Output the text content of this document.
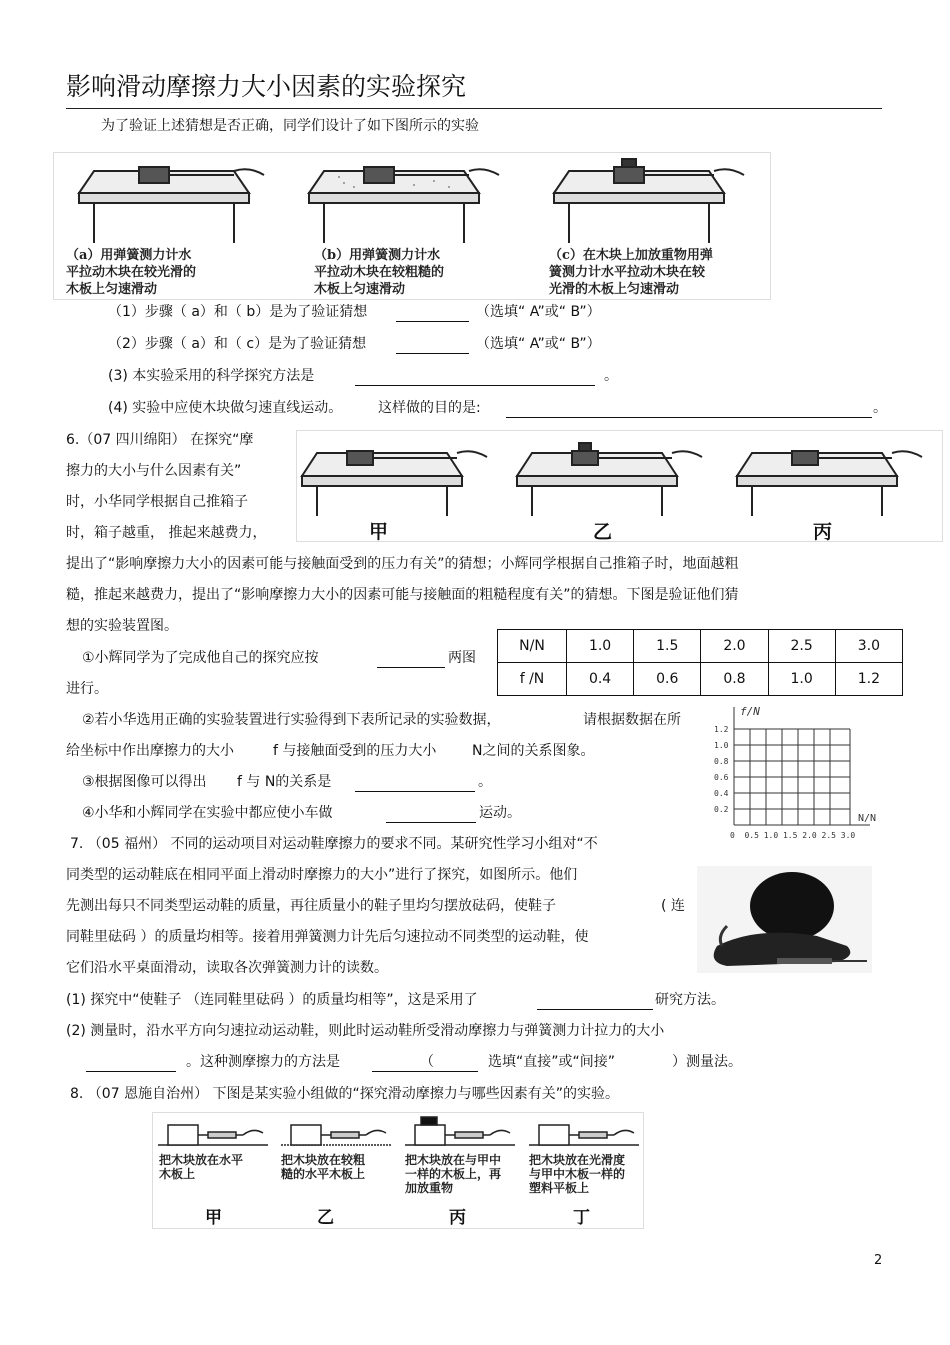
影响滑动摩擦力大小因素的实验探究
为了验证上述猜想是否正确，同学们设计了如下图所示的实验
（a）用弹簧测力计水
平拉动木块在较光滑的
木板上匀速滑动
（b）用弹簧测力计水
平拉动木块在较粗糙的
木板上匀速滑动
（c）在木块上加放重物用弹
簧测力计水平拉动木块在较
光滑的木板上匀速滑动
（1）步骤（ a）和（ b）是为了验证猜想	（选填“ A”或“ B”）
（2）步骤（ a）和（ c）是为了验证猜想	（选填“ A”或“ B”）
(3) 本实验采用的科学探究方法是	。
(4) 实验中应使木块做匀速直线运动。	这样做的目的是:	。
6.（07 四川绵阳） 在探究“摩
擦力的大小与什么因素有关”
时，小华同学根据自己推箱子
时，箱子越重， 推起来越费力，	甲	乙	丙
提出了“影响摩擦力大小的因素可能与接触面受到的压力有关”的猜想；小辉同学根据自己推箱子时，地面越粗
糙，推起来越费力，提出了“影响摩擦力大小的因素可能与接触面的粗糙程度有关”的猜想。下图是验证他们猜
想的实验装置图。
①小辉同学为了完成他自己的探究应按	两图
进行。
N/N	1.0	1.5	2.0	2.5	3.0
f /N	0.4	0.6	0.8	1.0	1.2
②若小华选用正确的实验装置进行实验得到下表所记录的实验数据，	请根据数据在所
给坐标中作出摩擦力的大小	f 与接触面受到的压力大小	N之间的关系图象。
③根据图像可以得出 f 与 N的关系是	。
④小华和小辉同学在实验中都应使小车做	运动。
f/N
N/N
1.2
1.0
0.8
0.6
0.4
0.2
0  0.5 1.0 1.5 2.0 2.5 3.0
7. （05 福州） 不同的运动项目对运动鞋摩擦力的要求不同。某研究性学习小组对“不
同类型的运动鞋底在相同平面上滑动时摩擦力的大小”进行了探究，如图所示。他们
先测出每只不同类型运动鞋的质量，再往质量小的鞋子里均匀摆放砝码，使鞋子	( 连
同鞋里砝码 ）的质量均相等。接着用弹簧测力计先后匀速拉动不同类型的运动鞋，使
它们沿水平桌面滑动，读取各次弹簧测力计的读数。
(1) 探究中“使鞋子 （连同鞋里砝码 ）的质量均相等”，这是采用了	研究方法。
(2) 测量时，沿水平方向匀速拉动运动鞋，则此时运动鞋所受滑动摩擦力与弹簧测力计拉力的大小
。这种测摩擦力的方法是	（	选填“直接”或“间接”	）测量法。
8. （07 恩施自治州） 下图是某实验小组做的“探究滑动摩擦力与哪些因素有关”的实验。
把木块放在水平
木板上
把木块放在较粗
糙的水平木板上
把木块放在与甲中
一样的木板上，再
加放重物
把木块放在光滑度
与甲中木板一样的
塑料平板上
甲	乙	丙	丁
2
